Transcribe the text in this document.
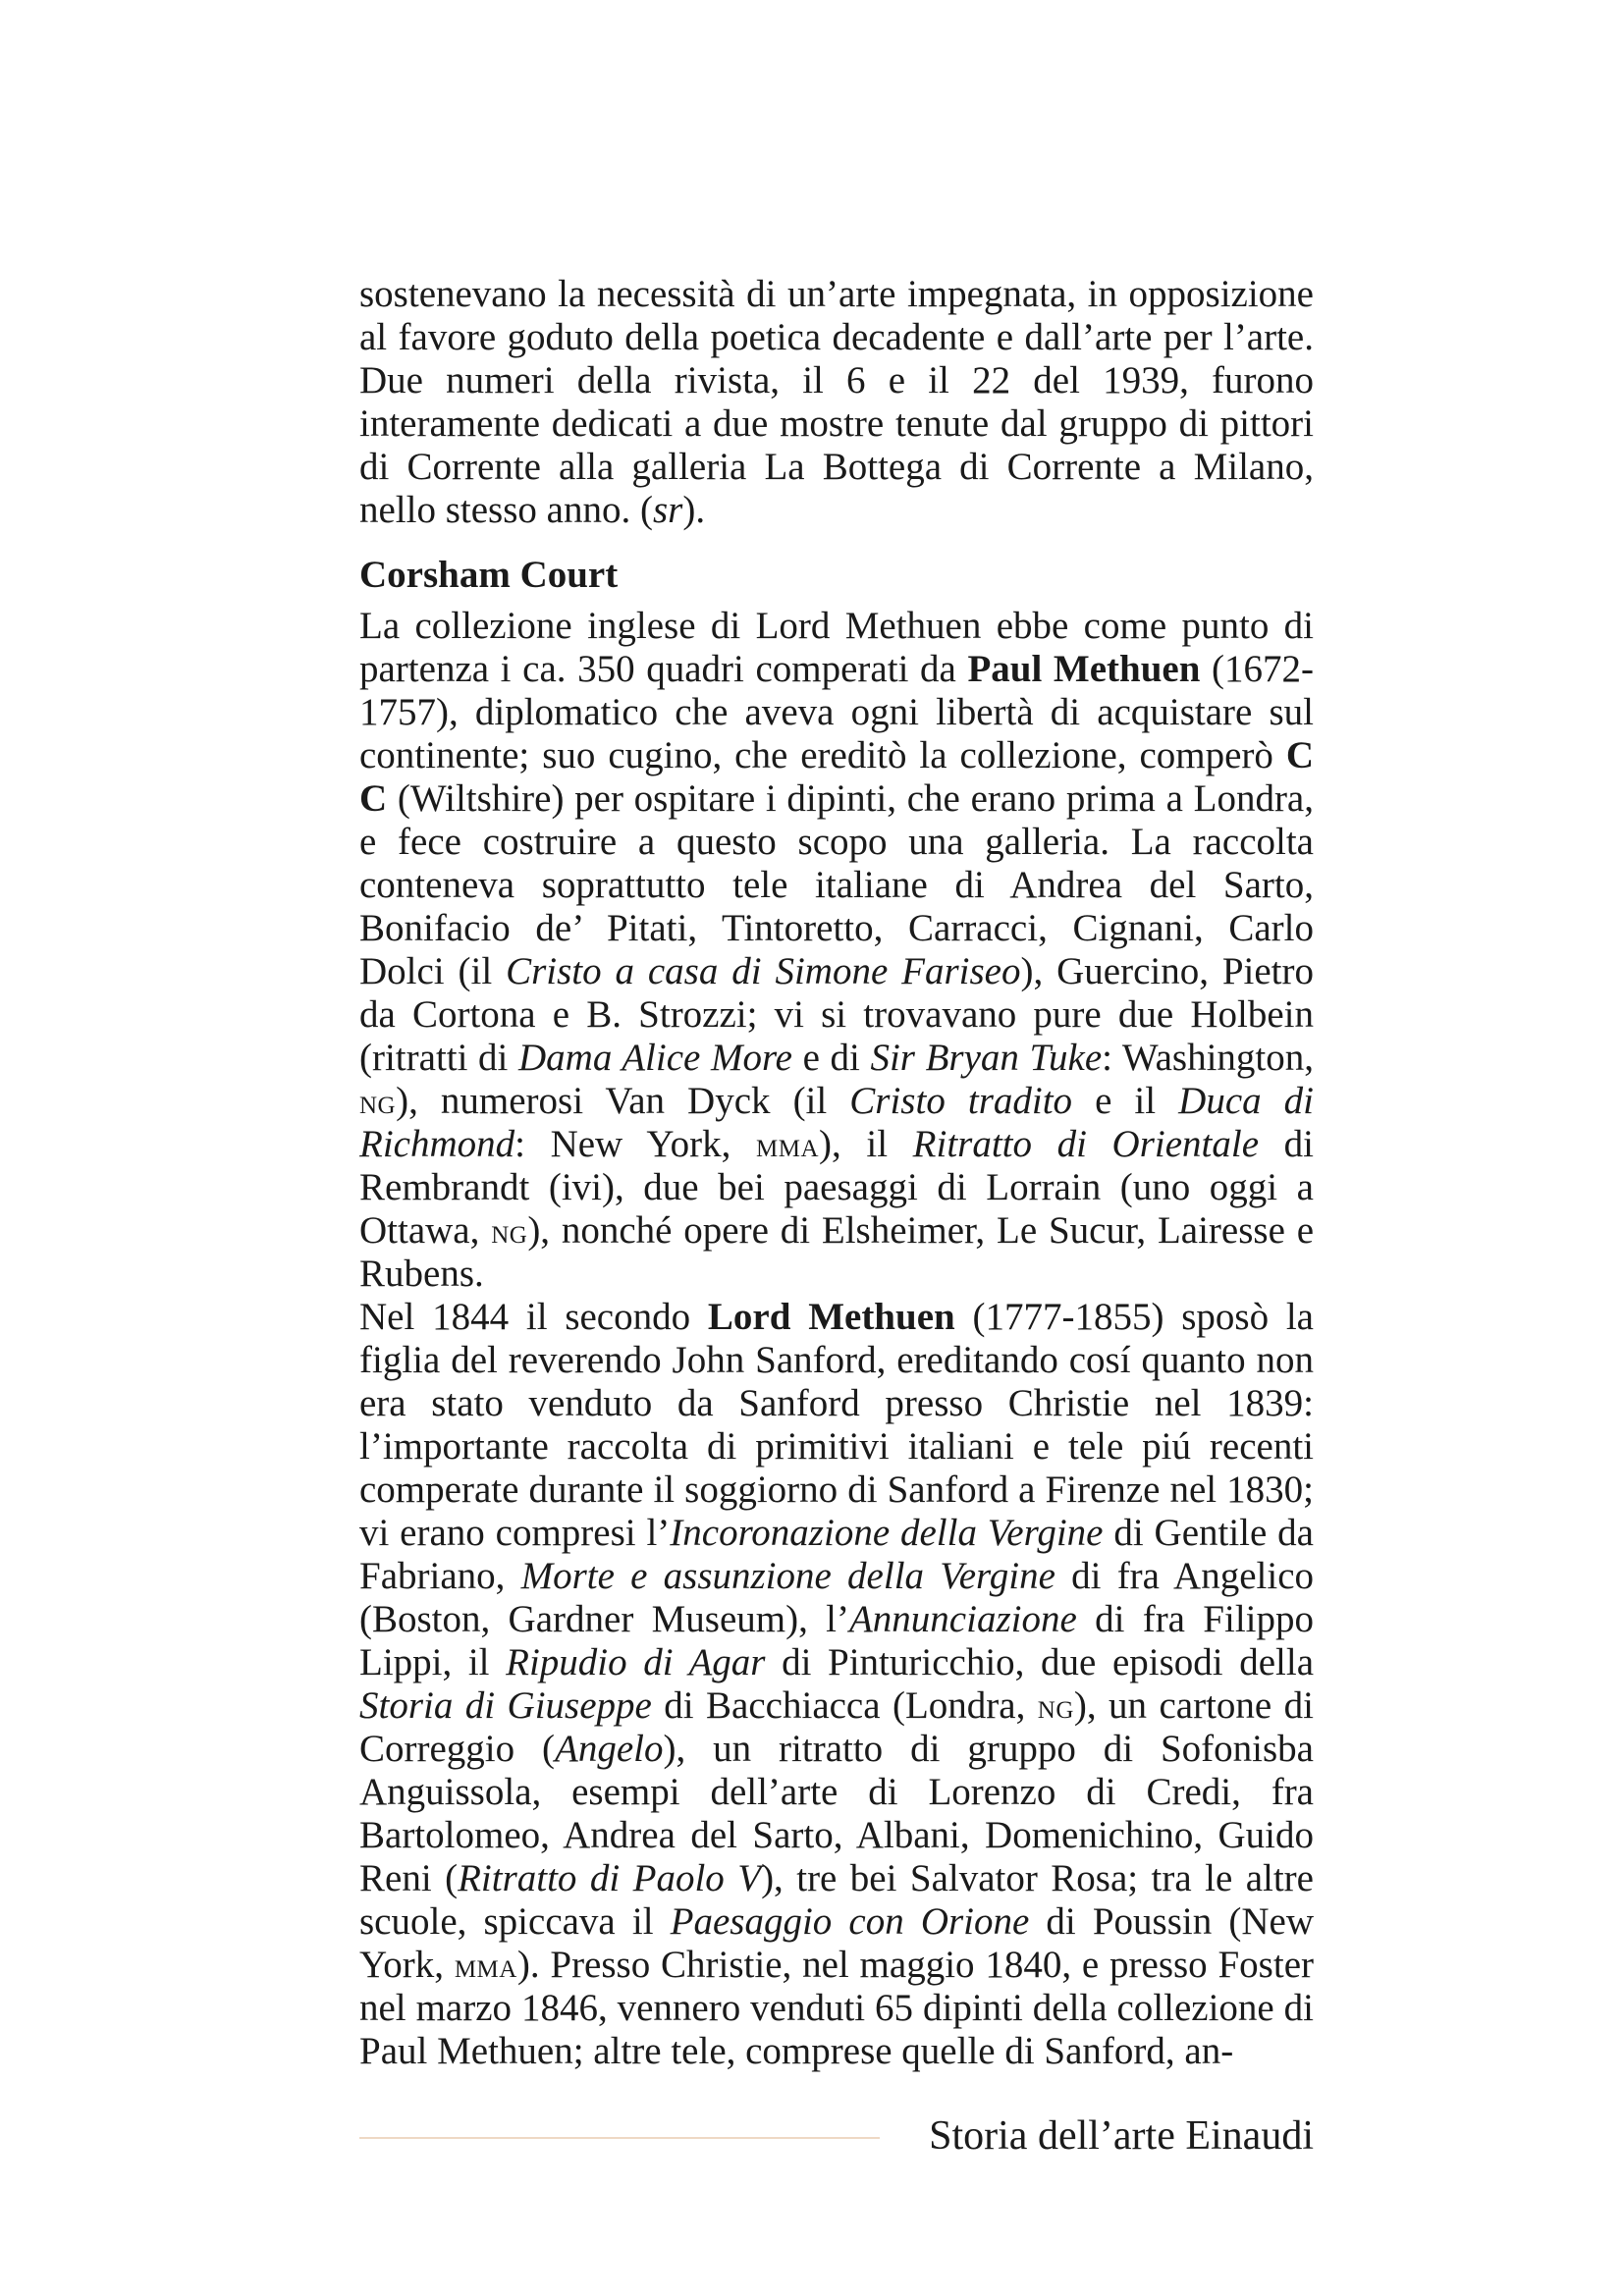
sostenevano la necessità di un’arte impegnata, in opposizione al favore goduto della poetica decadente e dall’arte per l’arte. Due numeri della rivista, il 6 e il 22 del 1939, furono interamente dedicati a due mostre tenute dal gruppo di pittori di Corrente alla galleria La Bottega di Corrente a Milano, nello stesso anno. (sr).

Corsham Court

La collezione inglese di Lord Methuen ebbe come punto di partenza i ca. 350 quadri comperati da Paul Methuen (1672-1757), diplomatico che aveva ogni libertà di acquistare sul continente; suo cugino, che ereditò la collezione, comperò C C (Wiltshire) per ospitare i dipinti, che erano prima a Londra, e fece costruire a questo scopo una galleria. La raccolta conteneva soprattutto tele italiane di Andrea del Sarto, Bonifacio de’ Pitati, Tintoretto, Carracci, Cignani, Carlo Dolci (il Cristo a casa di Simone Fariseo), Guercino, Pietro da Cortona e B. Strozzi; vi si trovavano pure due Holbein (ritratti di Dama Alice More e di Sir Bryan Tuke: Washington, ng), numerosi Van Dyck (il Cristo tradito e il Duca di Richmond: New York, mma), il Ritratto di Orientale di Rembrandt (ivi), due bei paesaggi di Lorrain (uno oggi a Ottawa, ng), nonché opere di Elsheimer, Le Sucur, Lairesse e Rubens.

Nel 1844 il secondo Lord Methuen (1777-1855) sposò la figlia del reverendo John Sanford, ereditando cosí quanto non era stato venduto da Sanford presso Christie nel 1839: l’importante raccolta di primitivi italiani e tele piú recenti comperate durante il soggiorno di Sanford a Firenze nel 1830; vi erano compresi l’Incoronazione della Vergine di Gentile da Fabriano, Morte e assunzione della Vergine di fra Angelico (Boston, Gardner Museum), l’Annunciazione di fra Filippo Lippi, il Ripudio di Agar di Pinturicchio, due episodi della Storia di Giuseppe di Bacchiacca (Londra, ng), un cartone di Correggio (Angelo), un ritratto di gruppo di Sofonisba Anguissola, esempi dell’arte di Lorenzo di Credi, fra Bartolomeo, Andrea del Sarto, Albani, Domenichino, Guido Reni (Ritratto di Paolo V), tre bei Salvator Rosa; tra le altre scuole, spiccava il Paesaggio con Orione di Poussin (New York, mma). Presso Christie, nel maggio 1840, e presso Foster nel marzo 1846, vennero venduti 65 dipinti della collezione di Paul Methuen; altre tele, comprese quelle di Sanford, an-

Storia dell’arte Einaudi
